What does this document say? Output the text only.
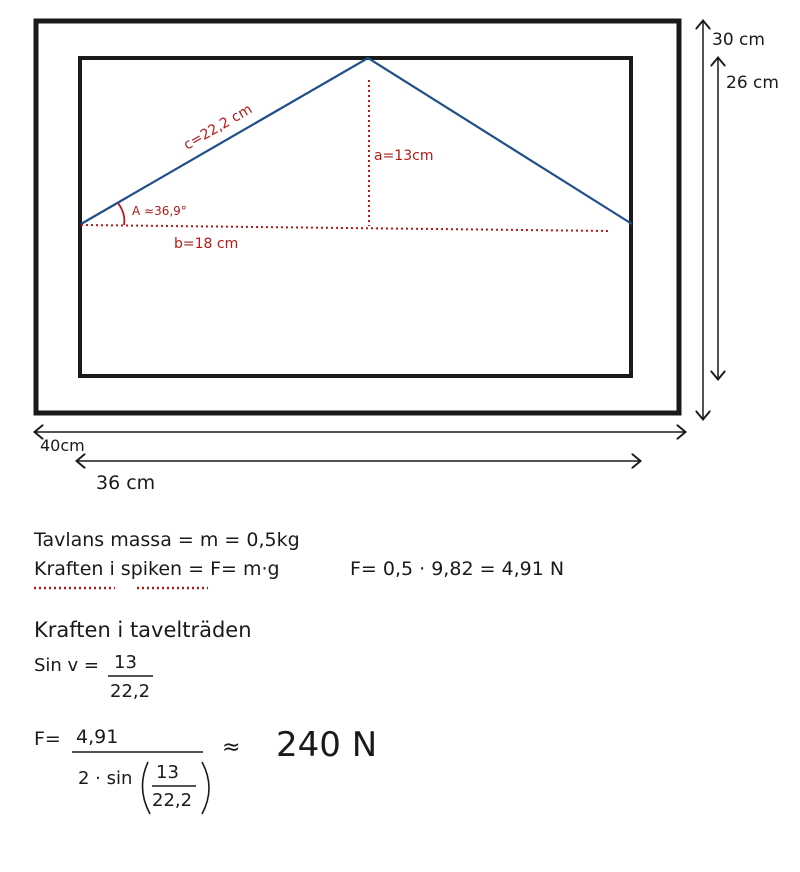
c=22,2 cm
a=13cm
A ≈36,9°
b=18 cm
30 cm
26 cm
40cm
36 cm
Tavlans massa = m = 0,5kg
Kraften i spiken = F= m·g	F= 0,5 · 9,82 = 4,91 N
Kraften i tavelträden
Sin v = 13
22,2
F= 4,91
2 · sin 13
22,2
≈ 240 N
